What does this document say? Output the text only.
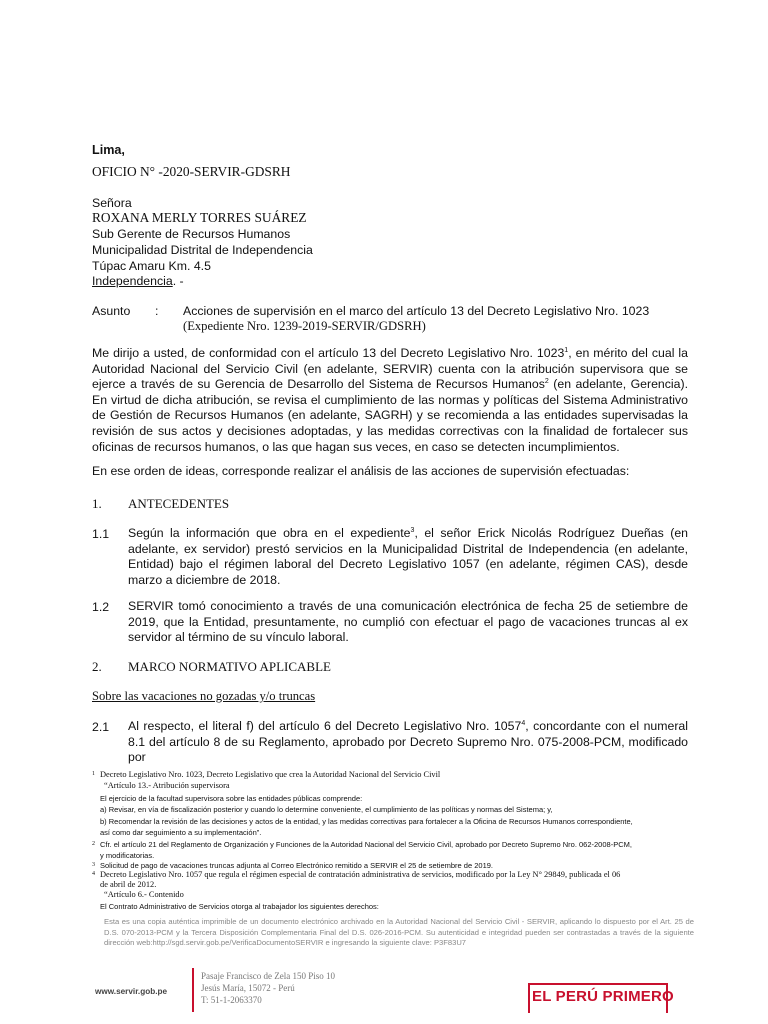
Lima,
OFICIO N° -2020-SERVIR-GDSRH
Señora
ROXANA MERLY TORRES SUÁREZ
Sub Gerente de Recursos Humanos
Municipalidad Distrital de Independencia
Túpac Amaru Km. 4.5
Independencia. -
Asunto : Acciones de supervisión en el marco del artículo 13 del Decreto Legislativo Nro. 1023
(Expediente Nro. 1239-2019-SERVIR/GDSRH)
Me dirijo a usted, de conformidad con el artículo 13 del Decreto Legislativo Nro. 1023$^1$, en mérito del cual la Autoridad Nacional del Servicio Civil (en adelante, SERVIR) cuenta con la atribución supervisora que se ejerce a través de su Gerencia de Desarrollo del Sistema de Recursos Humanos$^2$ (en adelante, Gerencia). En virtud de dicha atribución, se revisa el cumplimiento de las normas y políticas del Sistema Administrativo de Gestión de Recursos Humanos (en adelante, SAGRH) y se recomienda a las entidades supervisadas la revisión de sus actos y decisiones adoptadas, y las medidas correctivas con la finalidad de fortalecer sus oficinas de recursos humanos, o las que hagan sus veces, en caso se detecten incumplimientos.
En ese orden de ideas, corresponde realizar el análisis de las acciones de supervisión efectuadas:
1. ANTECEDENTES
1.1 Según la información que obra en el expediente$^3$, el señor Erick Nicolás Rodríguez Dueñas (en adelante, ex servidor) prestó servicios en la Municipalidad Distrital de Independencia (en adelante, Entidad) bajo el régimen laboral del Decreto Legislativo 1057 (en adelante, régimen CAS), desde marzo a diciembre de 2018.
1.2 SERVIR tomó conocimiento a través de una comunicación electrónica de fecha 25 de setiembre de 2019, que la Entidad, presuntamente, no cumplió con efectuar el pago de vacaciones truncas al ex servidor al término de su vínculo laboral.
2. MARCO NORMATIVO APLICABLE
Sobre las vacaciones no gozadas y/o truncas
2.1 Al respecto, el literal f) del artículo 6 del Decreto Legislativo Nro. 1057$^4$, concordante con el numeral 8.1 del artículo 8 de su Reglamento, aprobado por Decreto Supremo Nro. 075-2008-PCM, modificado por
1 Decreto Legislativo Nro. 1023, Decreto Legislativo que crea la Autoridad Nacional del Servicio Civil
“Artículo 13.- Atribución supervisora
El ejercicio de la facultad supervisora sobre las entidades públicas comprende:
a) Revisar, en vía de fiscalización posterior y cuando lo determine conveniente, el cumplimiento de las políticas y normas del Sistema; y,
b) Recomendar la revisión de las decisiones y actos de la entidad, y las medidas correctivas para fortalecer a la Oficina de Recursos Humanos correspondiente,
así como dar seguimiento a su implementación”.
2 Cfr. el artículo 21 del Reglamento de Organización y Funciones de la Autoridad Nacional del Servicio Civil, aprobado por Decreto Supremo Nro. 062-2008-PCM,
y modificatorias.
3 Solicitud de pago de vacaciones truncas adjunta al Correo Electrónico remitido a SERVIR el 25 de setiembre de 2019.
4 Decreto Legislativo Nro. 1057 que regula el régimen especial de contratación administrativa de servicios, modificado por la Ley N° 29849, publicada el 06
de abril de 2012.
“Artículo 6.- Contenido
El Contrato Administrativo de Servicios otorga al trabajador los siguientes derechos:
Esta es una copia auténtica imprimible de un documento electrónico archivado en la Autoridad Nacional del Servicio Civil - SERVIR, aplicando lo dispuesto por el Art. 25 de D.S. 070-2013-PCM y la Tercera Disposición Complementaria Final del D.S. 026-2016-PCM. Su autenticidad e integridad pueden ser contrastadas a través de la siguiente dirección web:http://sgd.servir.gob.pe/VerificaDocumentoSERVIR e ingresando la siguiente clave: P3F83U7
www.servir.gob.pe
Pasaje Francisco de Zela 150 Piso 10
Jesús María, 15072 - Perú
T: 51-1-2063370	EL PERÚ PRIMERO
